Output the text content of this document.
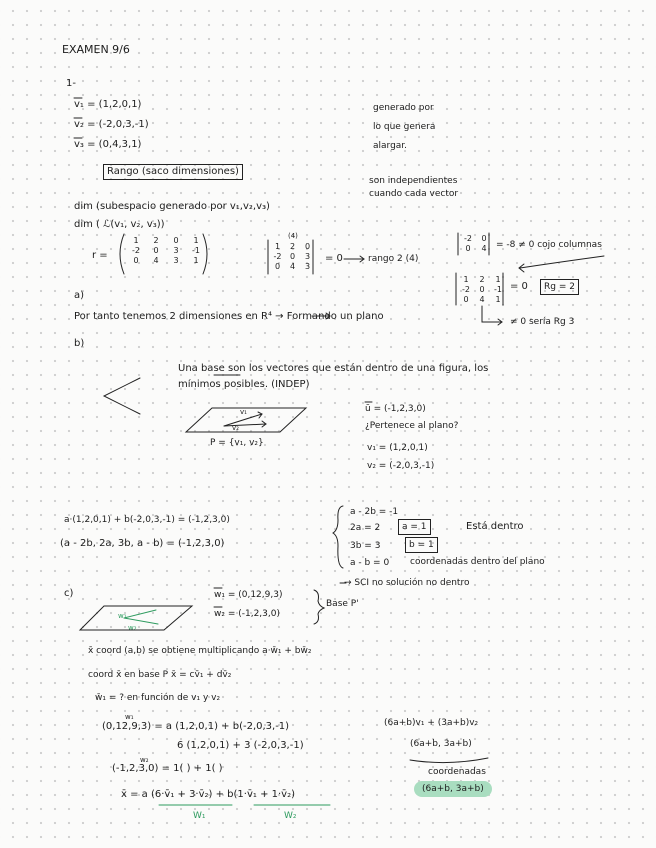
EXAMEN 9/6
1-
v₁ = (1,2,0,1)
v₂ = (-2,0,3,-1)
v₃ = (0,4,3,1)
Rango (saco dimensiones)
generado por
lo que genera
alargar.
son independientes
cuando cada vector
dim (subespacio generado por v₁,v₂,v₃)
dim ( ℒ(v₁, v₂, v₃))
r =
1	2	0	1
-2	0	3	-1
0	4	3	1
(4)
1	2	0
-2	0	3
0	4	3
= 0	rango 2 (4)
-2	0
0	4	= -8 ≠ 0 cojo columnas
1	2	1
-2	0	-1
0	4	1
= 0	Rg = 2
≠ 0 sería Rg 3
a)
Por tanto tenemos 2 dimensiones en R⁴ → Formando un plano
b)
Una base son los vectores que están dentro de una figura, los
mínimos posibles. (INDEP)
v₁
v₂
P = {v₁, v₂}
ū = (-1,2,3,0)
¿Pertenece al plano?
v₁ = (1,2,0,1)
v₂ = (-2,0,3,-1)
a·(1,2,0,1) + b(-2,0,3,-1) = (-1,2,3,0)
(a - 2b, 2a, 3b, a - b) = (-1,2,3,0)
a - 2b = -1
2a = 2
3b = 3
a - b = 0
a = 1
b = 1
Está dentro
coordenadas dentro del plano
→ SCI no solución no dentro
c)
w₁
w₂
w₁ = (0,12,9,3)
w₂ = (-1,2,3,0)
Base P'
x̄ coord (a,b) se obtiene multiplicando a·w̄₁ + bw̄₂
coord x̄ en base P x̄ = cv̄₁ + dv̄₂
w̄₁ = ? en función de v₁ y v₂
w₁
(0,12,9,3) = a (1,2,0,1) + b(-2,0,3,-1)
6 (1,2,0,1) + 3 (-2,0,3,-1)
w₂
(-1,2,3,0) = 1( ) + 1( )
x̄ = a (6·v̄₁ + 3·v̄₂) + b(1·v̄₁ + 1·v̄₂)
W₁	W₂
(6a+b)v₁ + (3a+b)v₂
(6a+b, 3a+b)
coordenadas
(6a+b, 3a+b)
